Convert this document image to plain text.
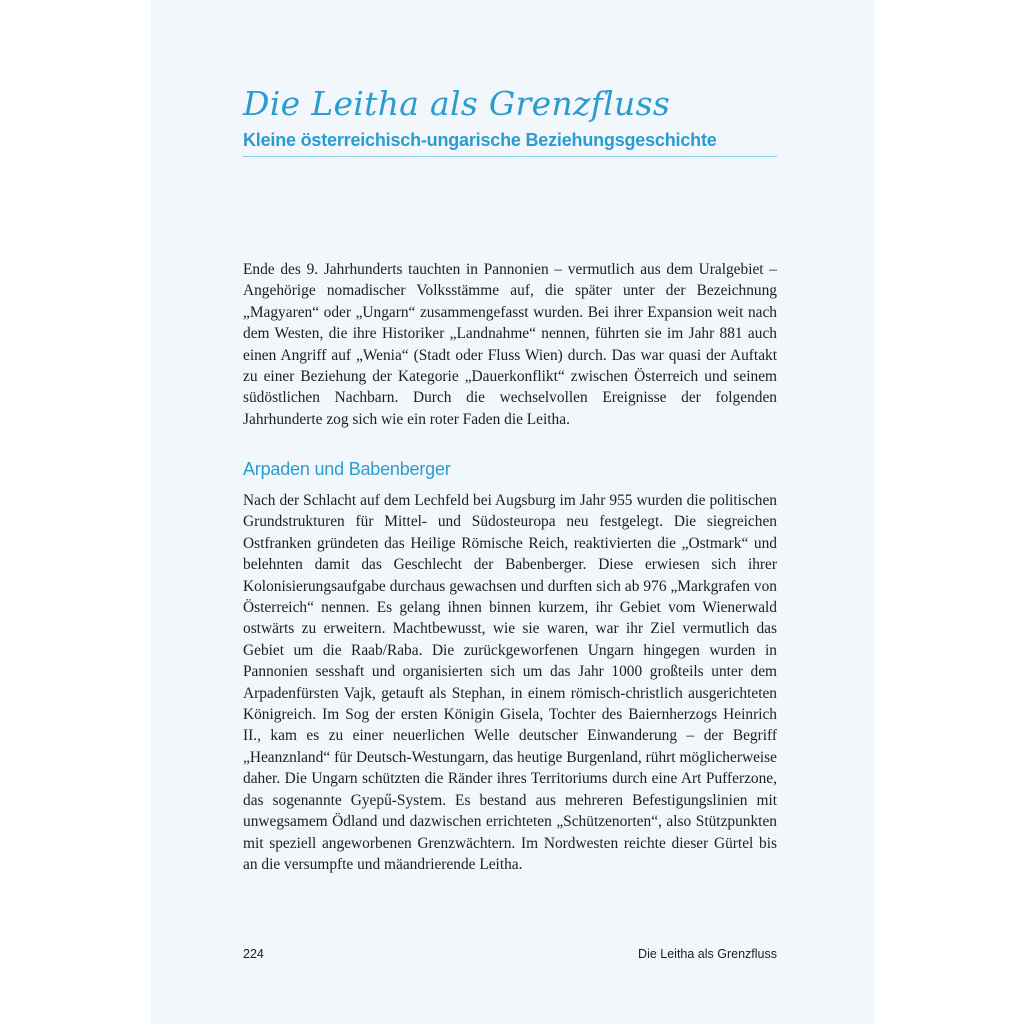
Die Leitha als Grenzfluss
Kleine österreichisch-ungarische Beziehungsgeschichte

Ende des 9. Jahrhunderts tauchten in Pannonien – vermutlich aus dem Uralgebiet – Angehörige nomadischer Volksstämme auf, die später unter der Bezeichnung „Magyaren“ oder „Ungarn“ zusammengefasst wurden. Bei ihrer Expansion weit nach dem Westen, die ihre Historiker „Landnahme“ nennen, führten sie im Jahr 881 auch einen Angriff auf „Wenia“ (Stadt oder Fluss Wien) durch. Das war quasi der Auftakt zu einer Beziehung der Kategorie „Dauerkonflikt“ zwischen Österreich und seinem südöstlichen Nachbarn. Durch die wechselvollen Ereignisse der folgenden Jahrhunderte zog sich wie ein roter Faden die Leitha.

Arpaden und Babenberger

Nach der Schlacht auf dem Lechfeld bei Augsburg im Jahr 955 wurden die politischen Grundstrukturen für Mittel- und Südosteuropa neu festgelegt. Die siegreichen Ostfranken gründeten das Heilige Römische Reich, reaktivierten die „Ostmark“ und belehnten damit das Geschlecht der Babenberger. Diese erwiesen sich ihrer Kolonisierungsaufgabe durchaus gewachsen und durften sich ab 976 „Markgrafen von Österreich“ nennen. Es gelang ihnen binnen kurzem, ihr Gebiet vom Wienerwald ostwärts zu erweitern. Machtbewusst, wie sie waren, war ihr Ziel vermutlich das Gebiet um die Raab/Raba. Die zurückgeworfenen Ungarn hingegen wurden in Pannonien sesshaft und organisierten sich um das Jahr 1000 großteils unter dem Arpadenfürsten Vajk, getauft als Stephan, in einem römisch-christlich ausgerichteten Königreich. Im Sog der ersten Königin Gisela, Tochter des Baiernherzogs Heinrich II., kam es zu einer neuerlichen Welle deutscher Einwanderung – der Begriff „Heanznland“ für Deutsch-Westungarn, das heutige Burgenland, rührt möglicherweise daher. Die Ungarn schützten die Ränder ihres Territoriums durch eine Art Pufferzone, das sogenannte Gyepű-System. Es bestand aus mehreren Befestigungslinien mit unwegsamem Ödland und dazwischen errichteten „Schützenorten“, also Stützpunkten mit speziell angeworbenen Grenzwächtern. Im Nordwesten reichte dieser Gürtel bis an die versumpfte und mäandrierende Leitha.

224	Die Leitha als Grenzfluss
